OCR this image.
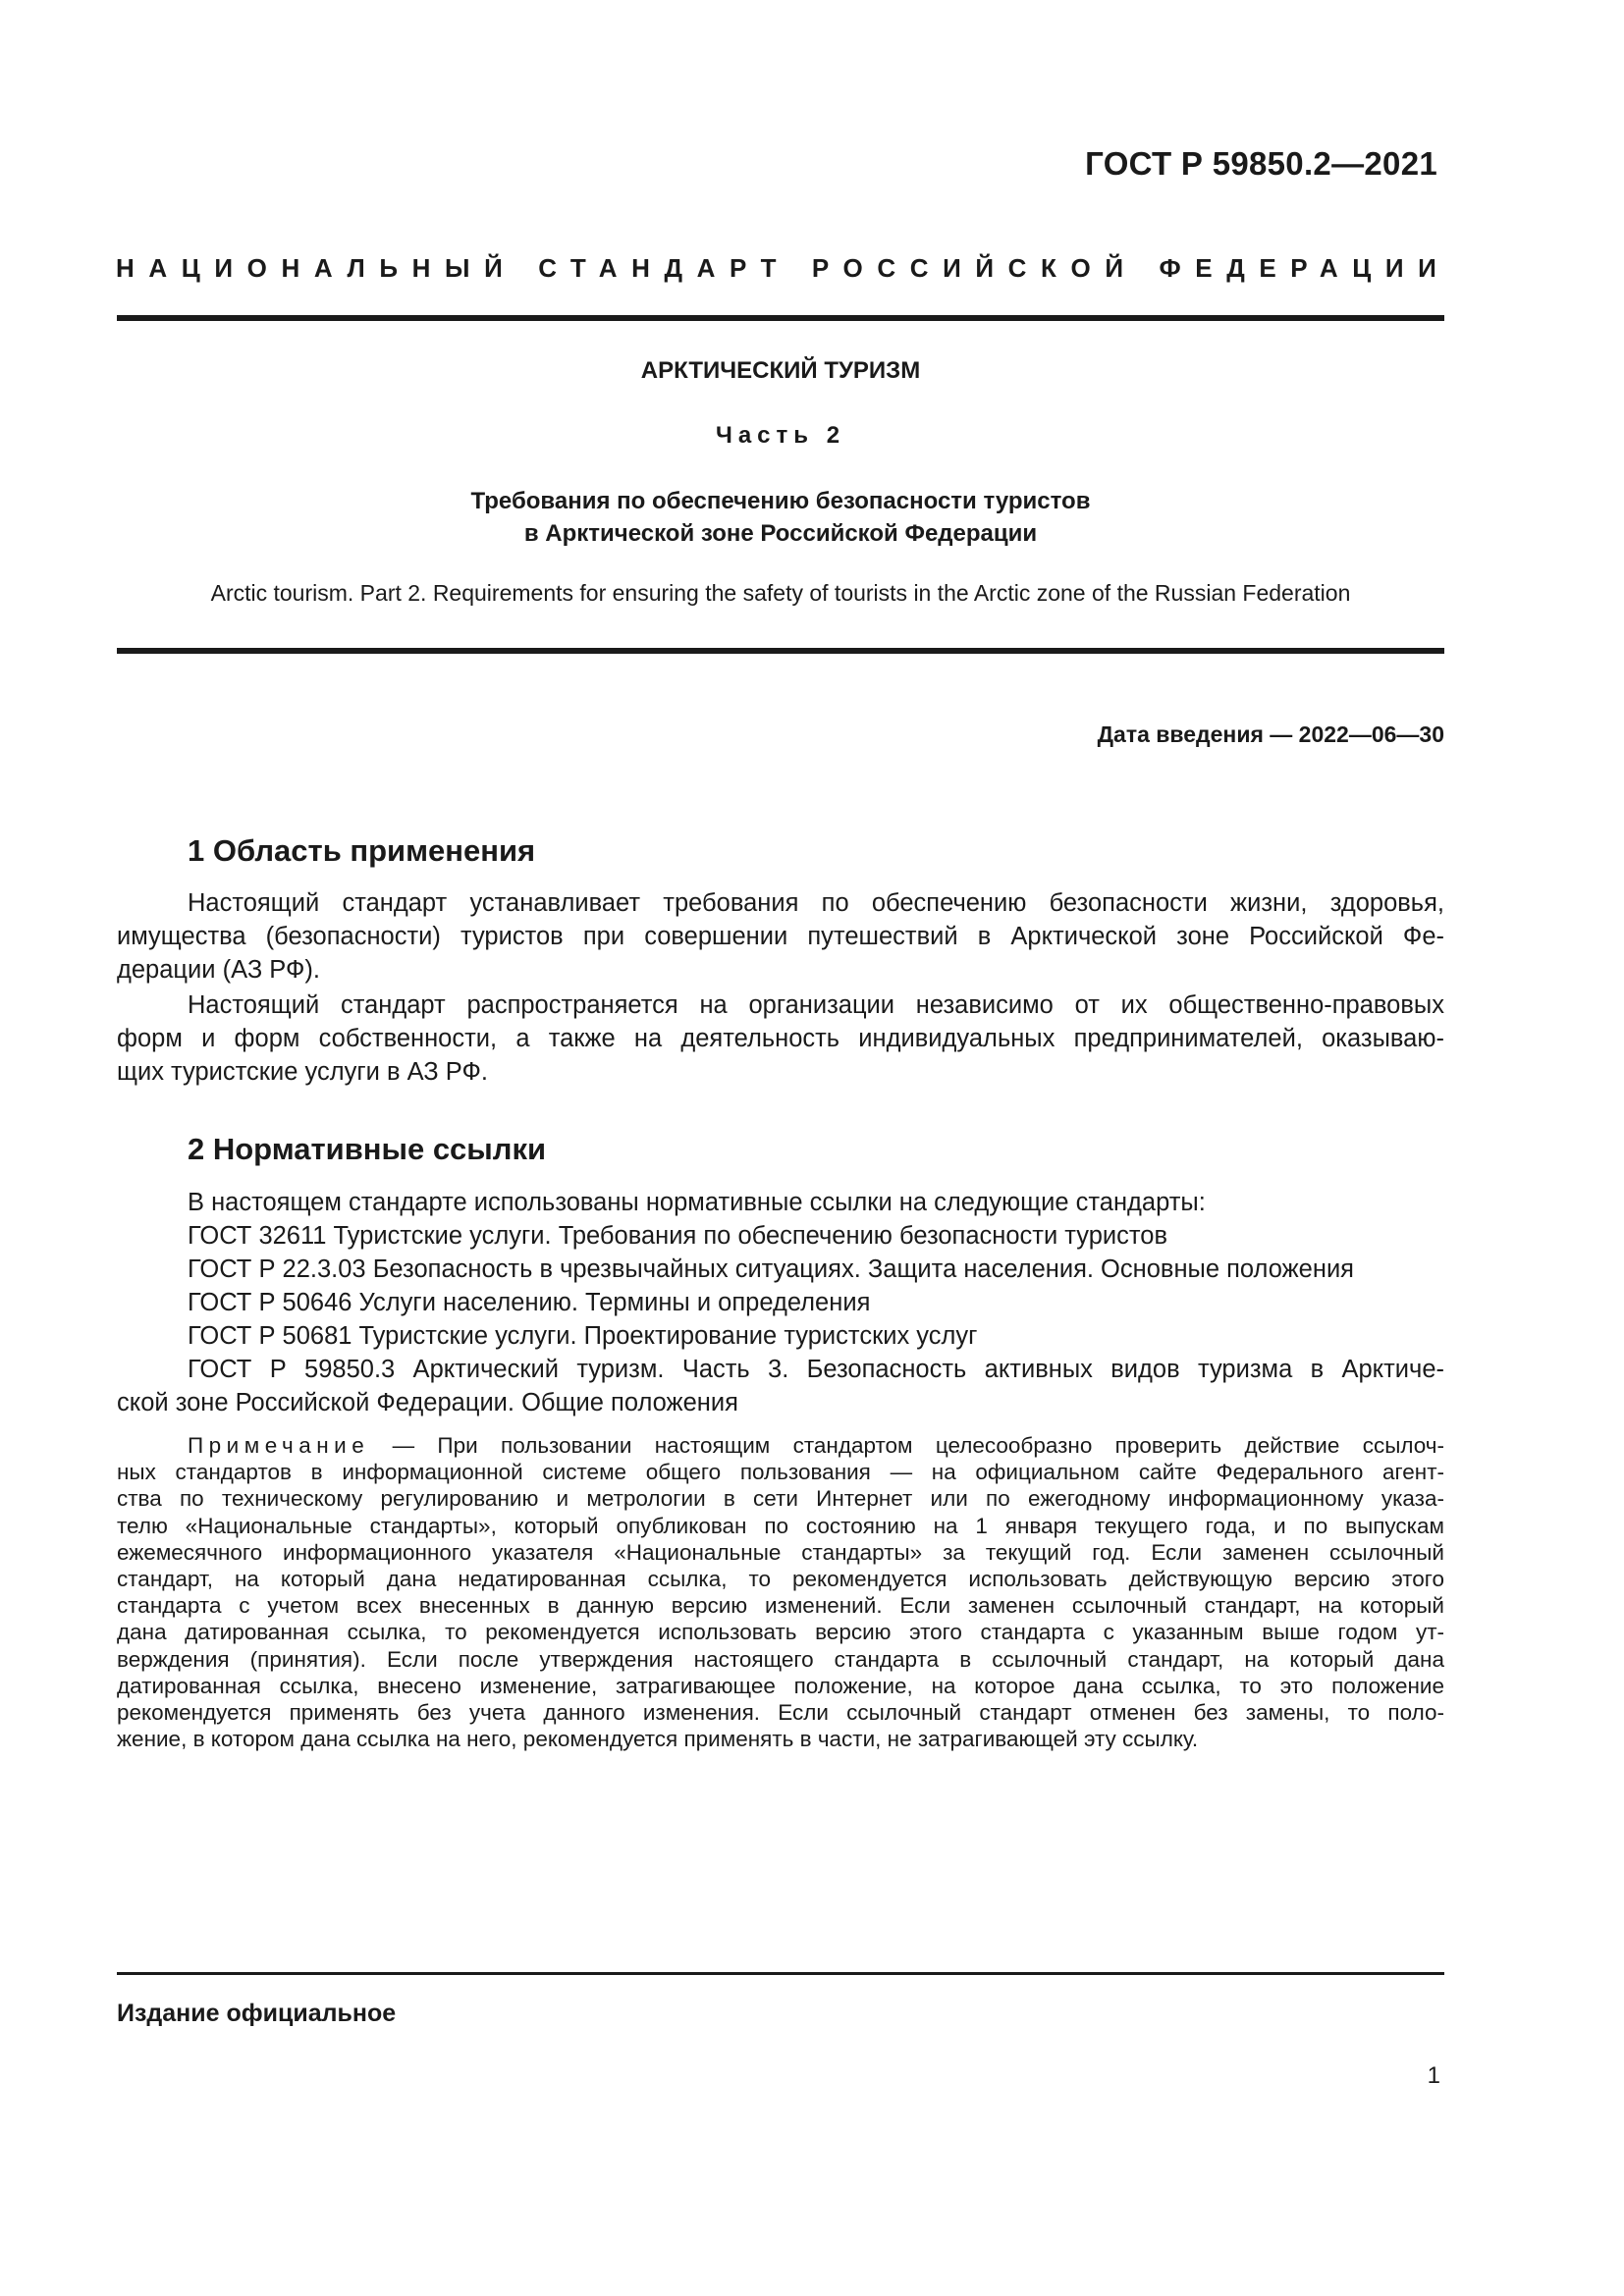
ГОСТ Р 59850.2—2021
НАЦИОНАЛЬНЫЙ СТАНДАРТ РОССИЙСКОЙ ФЕДЕРАЦИИ
АРКТИЧЕСКИЙ ТУРИЗМ
Часть 2
Требования по обеспечению безопасности туристов
в Арктической зоне Российской Федерации
Arctic tourism. Part 2. Requirements for ensuring the safety of tourists in the Arctic zone of the Russian Federation
Дата введения — 2022—06—30
1 Область применения
Настоящий стандарт устанавливает требования по обеспечению безопасности жизни, здоровья,
имущества (безопасности) туристов при совершении путешествий в Арктической зоне Российской Фе-
дерации (АЗ РФ).
Настоящий стандарт распространяется на организации независимо от их общественно-правовых
форм и форм собственности, а также на деятельность индивидуальных предпринимателей, оказываю-
щих туристские услуги в АЗ РФ.
2 Нормативные ссылки
В настоящем стандарте использованы нормативные ссылки на следующие стандарты:
ГОСТ 32611 Туристские услуги. Требования по обеспечению безопасности туристов
ГОСТ Р 22.3.03 Безопасность в чрезвычайных ситуациях. Защита населения. Основные положения
ГОСТ Р 50646 Услуги населению. Термины и определения
ГОСТ Р 50681 Туристские услуги. Проектирование туристских услуг
ГОСТ Р 59850.3 Арктический туризм. Часть 3. Безопасность активных видов туризма в Арктиче-
ской зоне Российской Федерации. Общие положения
Примечание — При пользовании настоящим стандартом целесообразно проверить действие ссылоч-
ных стандартов в информационной системе общего пользования — на официальном сайте Федерального агент-
ства по техническому регулированию и метрологии в сети Интернет или по ежегодному информационному указа-
телю «Национальные стандарты», который опубликован по состоянию на 1 января текущего года, и по выпускам
ежемесячного информационного указателя «Национальные стандарты» за текущий год. Если заменен ссылочный
стандарт, на который дана недатированная ссылка, то рекомендуется использовать действующую версию этого
стандарта с учетом всех внесенных в данную версию изменений. Если заменен ссылочный стандарт, на который
дана датированная ссылка, то рекомендуется использовать версию этого стандарта с указанным выше годом ут-
верждения (принятия). Если после утверждения настоящего стандарта в ссылочный стандарт, на который дана
датированная ссылка, внесено изменение, затрагивающее положение, на которое дана ссылка, то это положение
рекомендуется применять без учета данного изменения. Если ссылочный стандарт отменен без замены, то поло-
жение, в котором дана ссылка на него, рекомендуется применять в части, не затрагивающей эту ссылку.
Издание официальное
1
